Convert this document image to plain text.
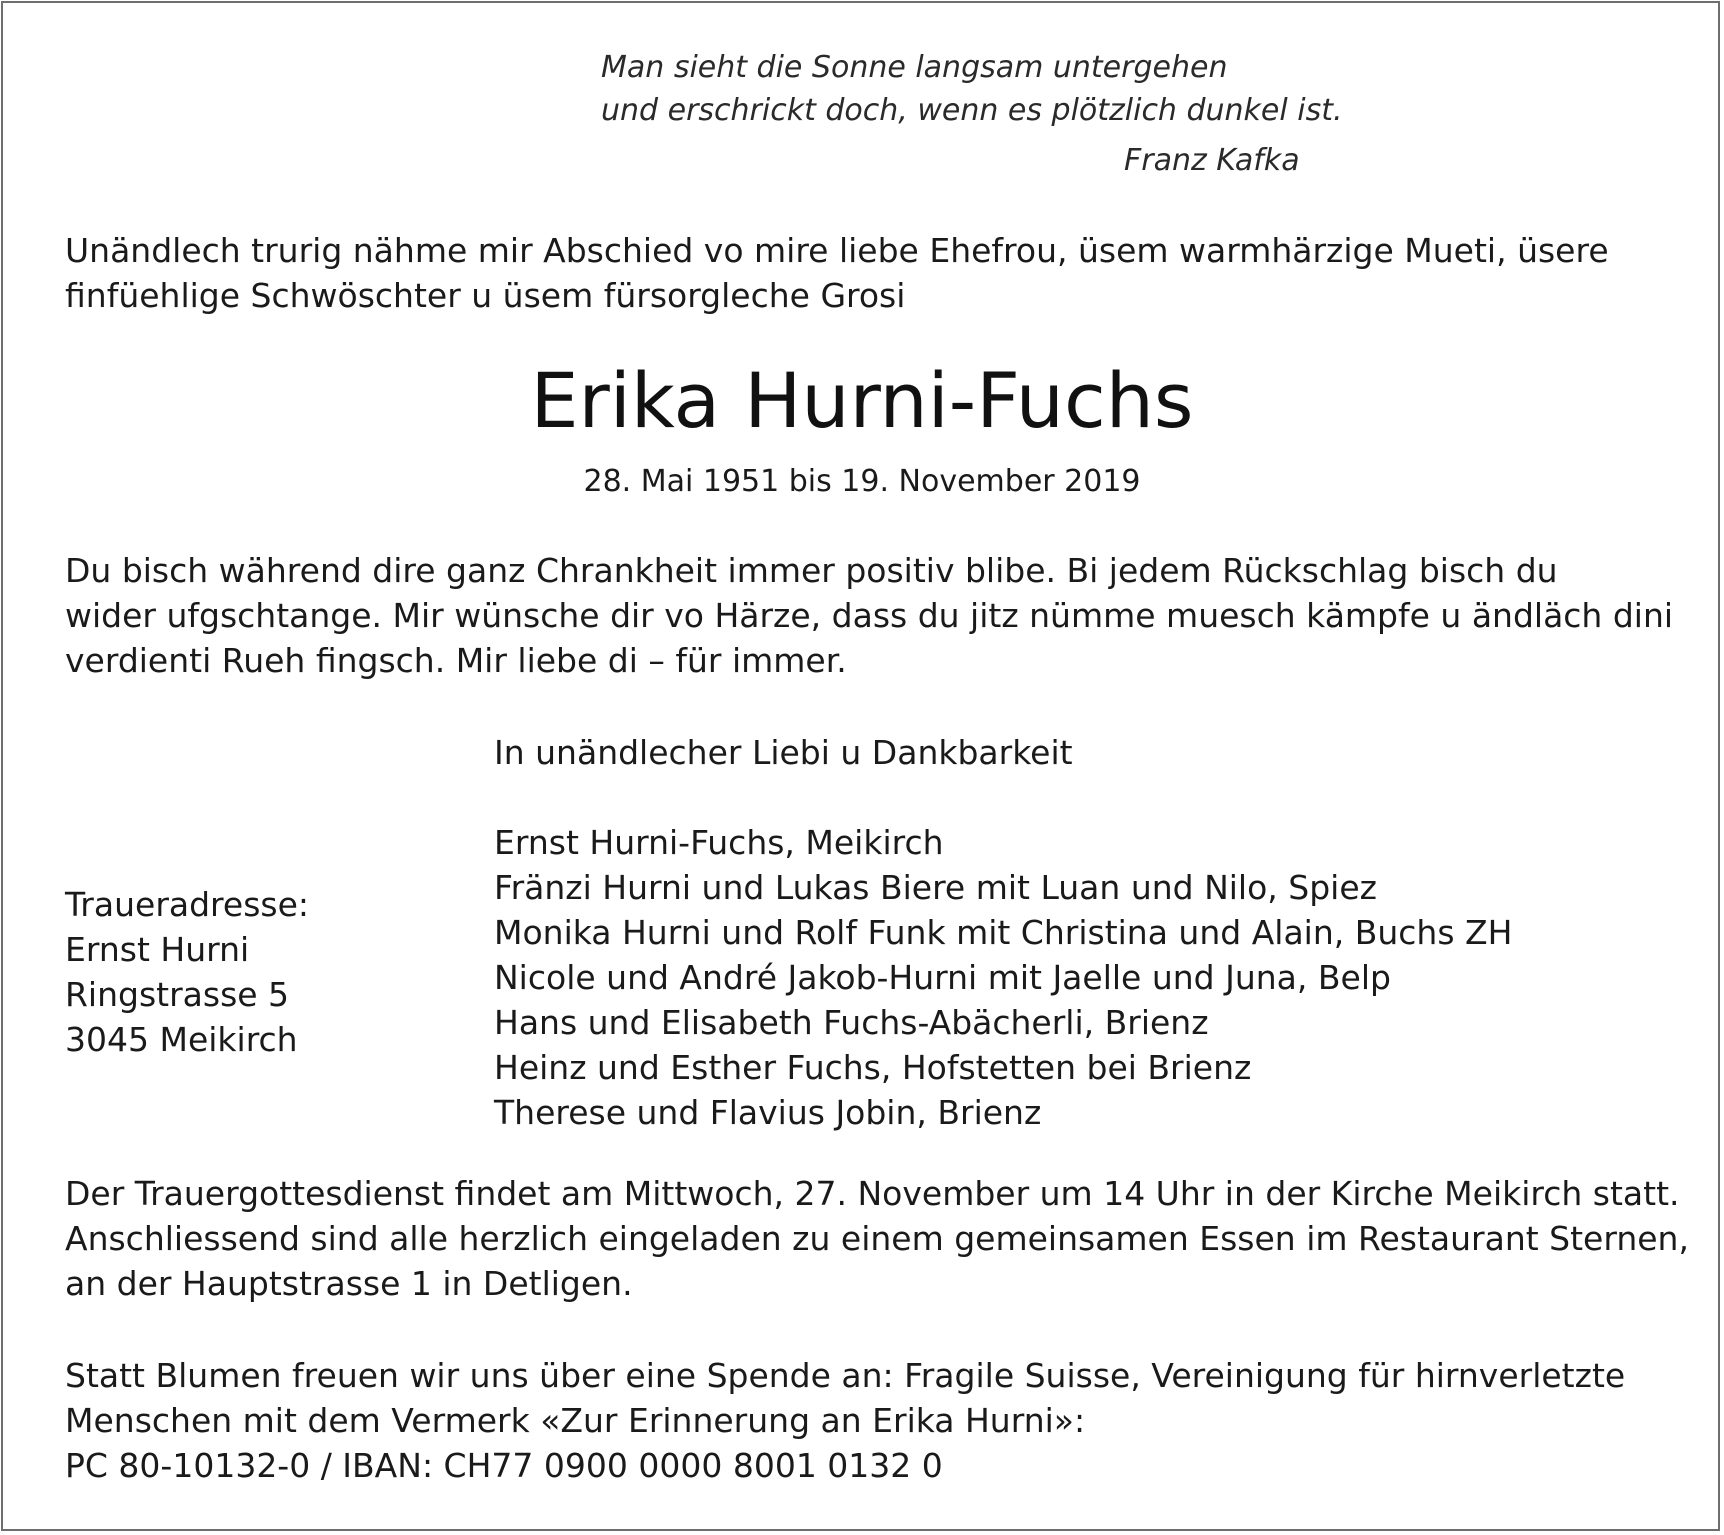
Man sieht die Sonne langsam untergehen

und erschrickt doch, wenn es plötzlich dunkel ist.

Franz Kafka

Unändlech trurig nähme mir Abschied vo mire liebe Ehefrou, üsem warmhärzige Mueti, üsere
finfüehlige Schwöschter u üsem fürsorgleche Grosi
Erika Hurni-Fuchs
28. Mai 1951 bis 19. November 2019
Du bisch während dire ganz Chrankheit immer positiv blibe. Bi jedem Rückschlag bisch du
wider ufgschtange. Mir wünsche dir vo Härze, dass du jitz nümme muesch kämpfe u ändläch dini
verdienti Rueh fingsch. Mir liebe di – für immer.

In unändlecher Liebi u Dankbarkeit

Ernst Hurni-Fuchs, Meikirch
Fränzi Hurni und Lukas Biere mit Luan und Nilo, Spiez
Monika Hurni und Rolf Funk mit Christina und Alain, Buchs ZH
Nicole und André Jakob-Hurni mit Jaelle und Juna, Belp
Hans und Elisabeth Fuchs-Abächerli, Brienz
Heinz und Esther Fuchs, Hofstetten bei Brienz
Therese und Flavius Jobin, Brienz
Traueradresse:
Ernst Hurni
Ringstrasse 5
3045 Meikirch
Der Trauergottesdienst findet am Mittwoch, 27. November um 14 Uhr in der Kirche Meikirch statt.
Anschliessend sind alle herzlich eingeladen zu einem gemeinsamen Essen im Restaurant Sternen,
an der Hauptstrasse 1 in Detligen.
Statt Blumen freuen wir uns über eine Spende an: Fragile Suisse, Vereinigung für hirnverletzte
Menschen mit dem Vermerk «Zur Erinnerung an Erika Hurni»:
PC 80-10132-0 / IBAN: CH77 0900 0000 8001 0132 0
